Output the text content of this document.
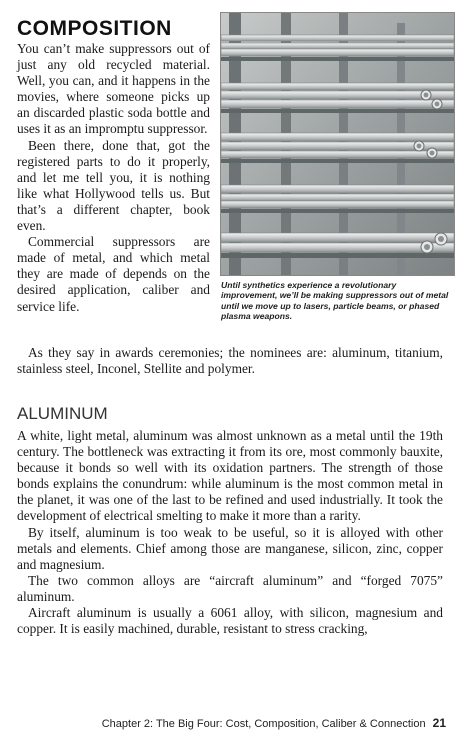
COMPOSITION

You can’t make suppressors out of just any old recycled material. Well, you can, and it happens in the movies, where someone picks up an discarded plastic soda bottle and uses it as an impromptu suppressor.

Been there, done that, got the registered parts to do it properly, and let me tell you, it is nothing like what Hollywood tells us. But that’s a different chapter, book even.

Commercial suppressors are made of metal, and which metal they are made of depends on the desired application, caliber and service life.

Until synthetics experience a revolutionary improvement, we’ll be making suppressors out of metal until we move up to lasers, particle beams, or phased plasma weapons.

As they say in awards ceremonies; the nominees are: aluminum, titanium, stainless steel, Inconel, Stellite and polymer.

ALUMINUM

A white, light metal, aluminum was almost unknown as a metal until the 19th century. The bottleneck was extracting it from its ore, most commonly bauxite, because it bonds so well with its oxidation partners. The strength of those bonds explains the conundrum: while aluminum is the most common metal in the planet, it was one of the last to be refined and used industrially. It took the development of electrical smelting to make it more than a rarity.

By itself, aluminum is too weak to be useful, so it is alloyed with other metals and elements. Chief among those are manganese, silicon, zinc, copper and magnesium.

The two common alloys are “aircraft aluminum” and “forged 7075” aluminum.

Aircraft aluminum is usually a 6061 alloy, with silicon, magnesium and copper. It is easily machined, durable, resistant to stress cracking,

Chapter 2: The Big Four: Cost, Composition, Caliber & Connection 21
